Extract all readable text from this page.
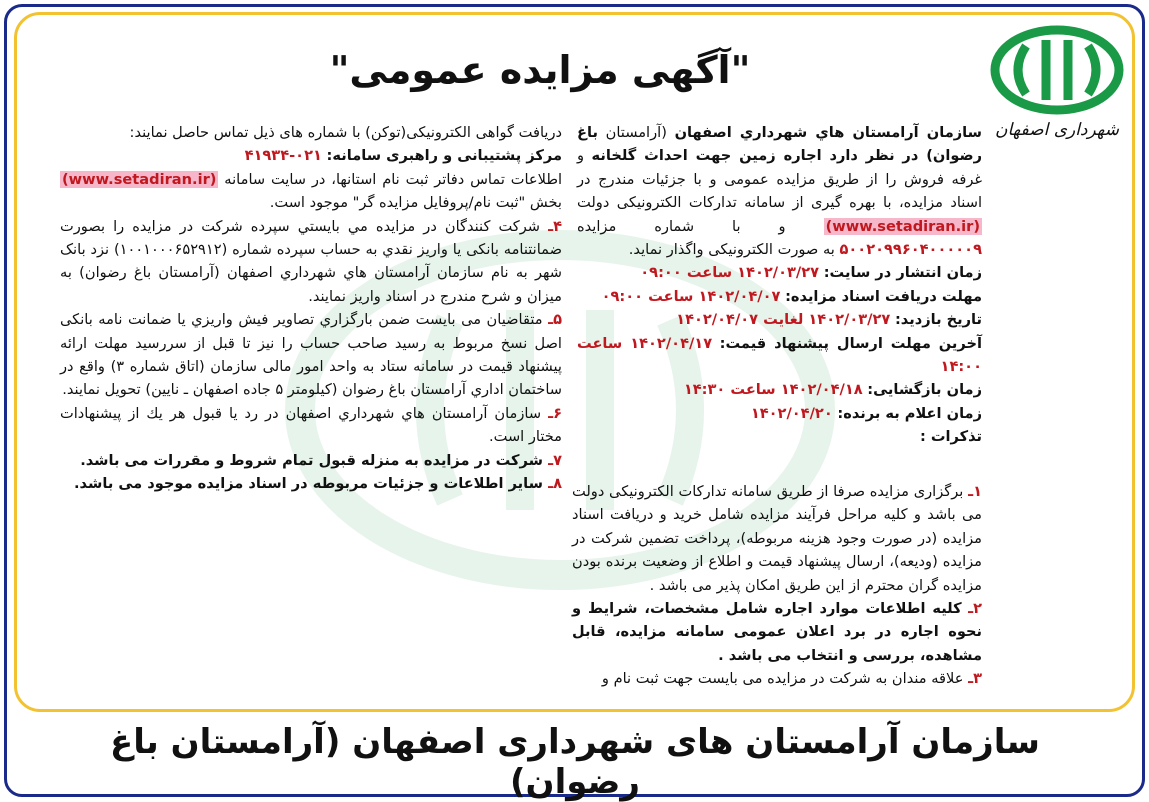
شهرداری اصفهان
"آگهی مزایده عمومی"

سازمان آرامستان هاي شهرداري اصفهان (آرامستان باغ رضوان) در نظر دارد اجاره زمین جهت احداث گلخانه و غرفه فروش را از طریق مزایده عمومی و با جزئیات مندرج در اسناد مزایده، با بهره گیری از سامانه تدارکات الکترونیکی دولت (www.setadiran.ir) و با شماره مزایده ۵۰۰۲۰۹۹۶۰۴۰۰۰۰۰۹ به صورت الکترونیکی واگذار نماید.

زمان انتشار در سایت: ۱۴۰۲/۰۳/۲۷ ساعت ۰۹:۰۰
مهلت دریافت اسناد مزایده: ۱۴۰۲/۰۴/۰۷ ساعت ۰۹:۰۰
تاریخ بازدید: ۱۴۰۲/۰۳/۲۷ لغایت ۱۴۰۲/۰۴/۰۷
آخرین مهلت ارسال پیشنهاد قیمت: ۱۴۰۲/۰۴/۱۷ ساعت ۱۴:۰۰
زمان بازگشایی: ۱۴۰۲/۰۴/۱۸ ساعت ۱۴:۳۰
زمان اعلام به برنده: ۱۴۰۲/۰۴/۲۰
تذکرات :

۱ـ برگزاری مزایده صرفا از طریق سامانه تدارکات الکترونیکی دولت می باشد و کلیه مراحل فرآیند مزایده شامل خرید و دریافت اسناد مزایده (در صورت وجود هزینه مربوطه)، پرداخت تضمین شرکت در مزایده (ودیعه)، ارسال پیشنهاد قیمت و اطلاع از وضعیت برنده بودن مزایده گران محترم از این طریق امکان پذیر می باشد .

۲ـ کلیه اطلاعات موارد اجاره شامل مشخصات، شرایط و نحوه اجاره در برد اعلان عمومی سامانه مزایده، قابل مشاهده، بررسی و انتخاب می باشد .

۳ـ علاقه مندان به شرکت در مزایده می بایست جهت ثبت نام و

دریافت گواهی الکترونیکی(توکن) با شماره های ذیل تماس حاصل نمایند:

مرکز پشتیبانی و راهبری سامانه: ۰۲۱-۴۱۹۳۴

اطلاعات تماس دفاتر ثبت نام استانها، در سایت سامانه (www.setadiran.ir) بخش "ثبت نام/پروفایل مزایده گر" موجود است.

۴ـ شرکت کنندگان در مزایده مي بایستي سپرده شرکت در مزایده را بصورت ضمانتنامه بانکی یا واریز نقدي به حساب سپرده شماره (۱۰۰۱۰۰۰۶۵۲۹۱۲) نزد بانک شهر به نام سازمان آرامستان هاي شهرداري اصفهان (آرامستان باغ رضوان) به میزان و شرح مندرج در اسناد واریز نمایند.

۵ـ متقاضیان می بایست ضمن بارگزاري تصاویر فیش واریزي یا ضمانت نامه بانکی اصل نسخ مربوط به رسید صاحب حساب را نیز تا قبل از سررسید مهلت ارائه پیشنهاد قیمت در سامانه ستاد به واحد امور مالی سازمان (اتاق شماره ۳) واقع در ساختمان اداري آرامستان باغ رضوان (کیلومتر ۵ جاده اصفهان ـ نایین) تحویل نمایند.

۶ـ سازمان آرامستان هاي شهرداري اصفهان در رد یا قبول هر یك از پیشنهادات مختار است.

۷ـ شرکت در مزایده به منزله قبول تمام شروط و مقررات می باشد.

۸ـ سایر اطلاعات و جزئیات مربوطه در اسناد مزایده موجود می باشد.

سازمان آرامستان های شهرداری اصفهان (آرامستان باغ رضوان)
